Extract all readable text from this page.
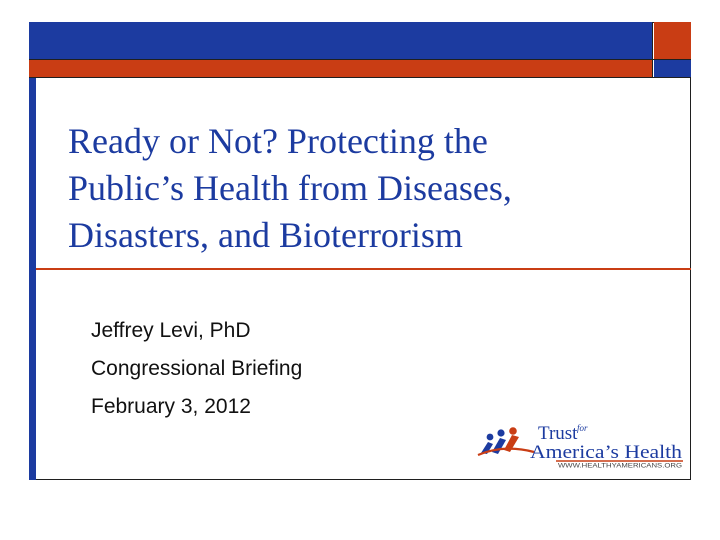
Ready or Not? Protecting the
Public’s Health from Diseases,
Disasters, and Bioterrorism
Jeffrey Levi, PhD
Congressional Briefing
February 3, 2012
Trust for
America’s Health
WWW.HEALTHYAMERICANS.ORG
